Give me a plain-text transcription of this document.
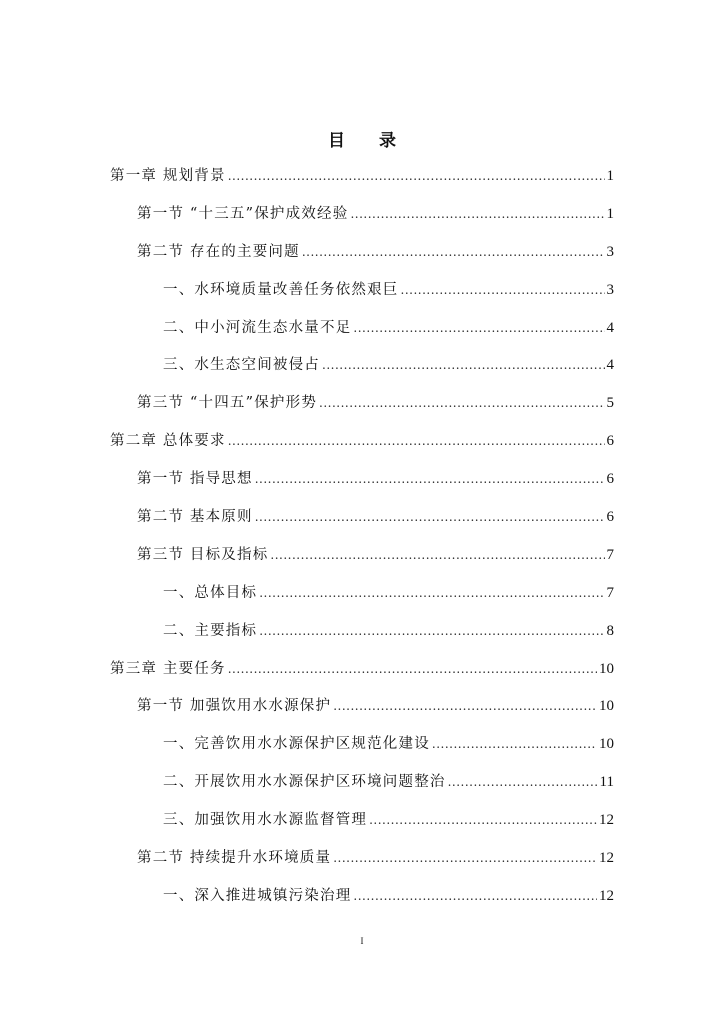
目 录
第一章 规划背景 .....	1
第一节 “十三五”保护成效经验 .....	1
第二节 存在的主要问题 .....	3
一、水环境质量改善任务依然艰巨 .....	3
二、中小河流生态水量不足 .....	4
三、水生态空间被侵占 .....	4
第三节 “十四五”保护形势 .....	5
第二章 总体要求 .....	6
第一节 指导思想 .....	6
第二节 基本原则 .....	6
第三节 目标及指标 .....	7
一、总体目标 .....	7
二、主要指标 .....	8
第三章 主要任务 .....	10
第一节 加强饮用水水源保护 .....	10
一、完善饮用水水源保护区规范化建设 .....	10
二、开展饮用水水源保护区环境问题整治 .....	11
三、加强饮用水水源监督管理 .....	12
第二节 持续提升水环境质量 .....	12
一、深入推进城镇污染治理 .....	12
I
